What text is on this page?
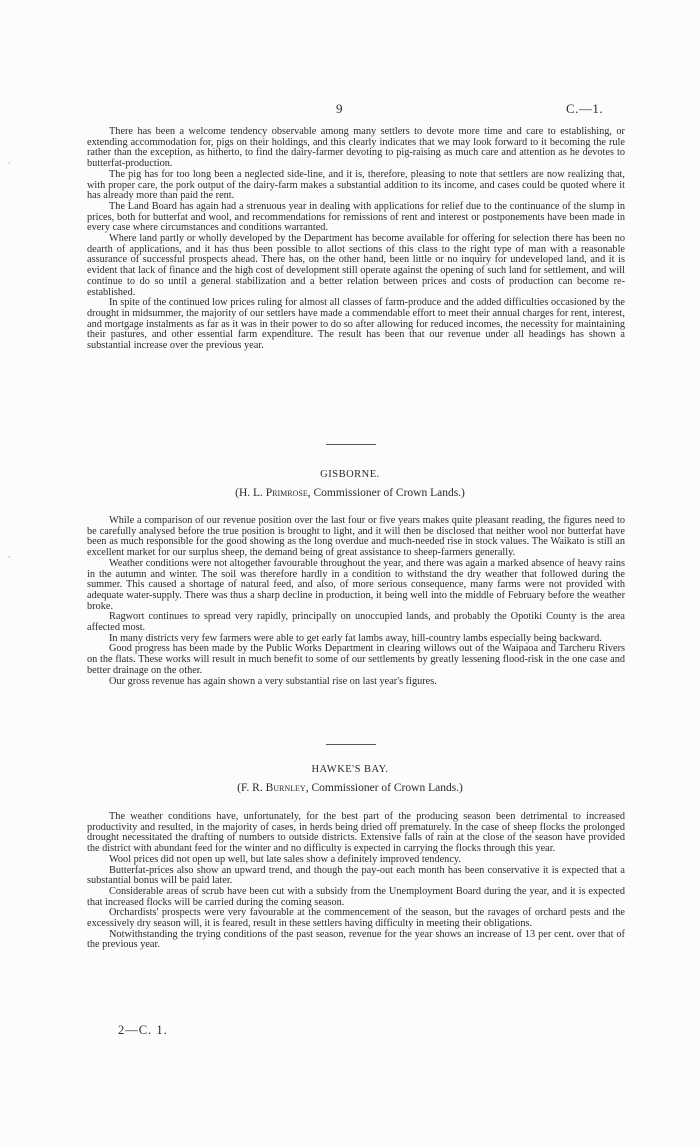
ᵕ
ᵕ
9	C.—1.

There has been a welcome tendency observable among many settlers to devote more time and care to establishing, or extending accommodation for, pigs on their holdings, and this clearly indicates that we may look forward to it becoming the rule rather than the exception, as hitherto, to find the dairy-farmer devoting to pig-raising as much care and attention as he devotes to butterfat-production.

The pig has for too long been a neglected side-line, and it is, therefore, pleasing to note that settlers are now realizing that, with proper care, the pork output of the dairy-farm makes a substantial addition to its income, and cases could be quoted where it has already more than paid the rent.

The Land Board has again had a strenuous year in dealing with applications for relief due to the continuance of the slump in prices, both for butterfat and wool, and recommendations for remissions of rent and interest or postponements have been made in every case where circumstances and conditions warranted.

Where land partly or wholly developed by the Department has become available for offering for selection there has been no dearth of applications, and it has thus been possible to allot sections of this class to the right type of man with a reasonable assurance of successful prospects ahead. There has, on the other hand, been little or no inquiry for undeveloped land, and it is evident that lack of finance and the high cost of development still operate against the opening of such land for settlement, and will continue to do so until a general stabilization and a better relation between prices and costs of production can become re-established.

In spite of the continued low prices ruling for almost all classes of farm-produce and the added difficulties occasioned by the drought in midsummer, the majority of our settlers have made a commendable effort to meet their annual charges for rent, interest, and mortgage instalments as far as it was in their power to do so after allowing for reduced incomes, the necessity for maintaining their pastures, and other essential farm expenditure. The result has been that our revenue under all headings has shown a substantial increase over the previous year.

GISBORNE.
(H. L. Primrose, Commissioner of Crown Lands.)

While a comparison of our revenue position over the last four or five years makes quite pleasant reading, the figures need to be carefully analysed before the true position is brought to light, and it will then be disclosed that neither wool nor butterfat have been as much responsible for the good showing as the long overdue and much-needed rise in stock values. The Waikato is still an excellent market for our surplus sheep, the demand being of great assistance to sheep-farmers generally.

Weather conditions were not altogether favourable throughout the year, and there was again a marked absence of heavy rains in the autumn and winter. The soil was therefore hardly in a condition to withstand the dry weather that followed during the summer. This caused a shortage of natural feed, and also, of more serious consequence, many farms were not provided with adequate water-supply. There was thus a sharp decline in production, it being well into the middle of February before the weather broke.

Ragwort continues to spread very rapidly, principally on unoccupied lands, and probably the Opotiki County is the area affected most.

In many districts very few farmers were able to get early fat lambs away, hill-country lambs especially being backward.

Good progress has been made by the Public Works Department in clearing willows out of the Waipaoa and Tarcheru Rivers on the flats. These works will result in much benefit to some of our settlements by greatly lessening flood-risk in the one case and better drainage on the other.

Our gross revenue has again shown a very substantial rise on last year's figures.

HAWKE'S BAY.
(F. R. Burnley, Commissioner of Crown Lands.)

The weather conditions have, unfortunately, for the best part of the producing season been detrimental to increased productivity and resulted, in the majority of cases, in herds being dried off prematurely. In the case of sheep flocks the prolonged drought necessitated the drafting of numbers to outside districts. Extensive falls of rain at the close of the season have provided the district with abundant feed for the winter and no difficulty is expected in carrying the flocks through this year.

Wool prices did not open up well, but late sales show a definitely improved tendency.

Butterfat-prices also show an upward trend, and though the pay-out each month has been conservative it is expected that a substantial bonus will be paid later.

Considerable areas of scrub have been cut with a subsidy from the Unemployment Board during the year, and it is expected that increased flocks will be carried during the coming season.

Orchardists' prospects were very favourable at the commencement of the season, but the ravages of orchard pests and the excessively dry season will, it is feared, result in these settlers having difficulty in meeting their obligations.

Notwithstanding the trying conditions of the past season, revenue for the year shows an increase of 13 per cent. over that of the previous year.

2—C. 1.
